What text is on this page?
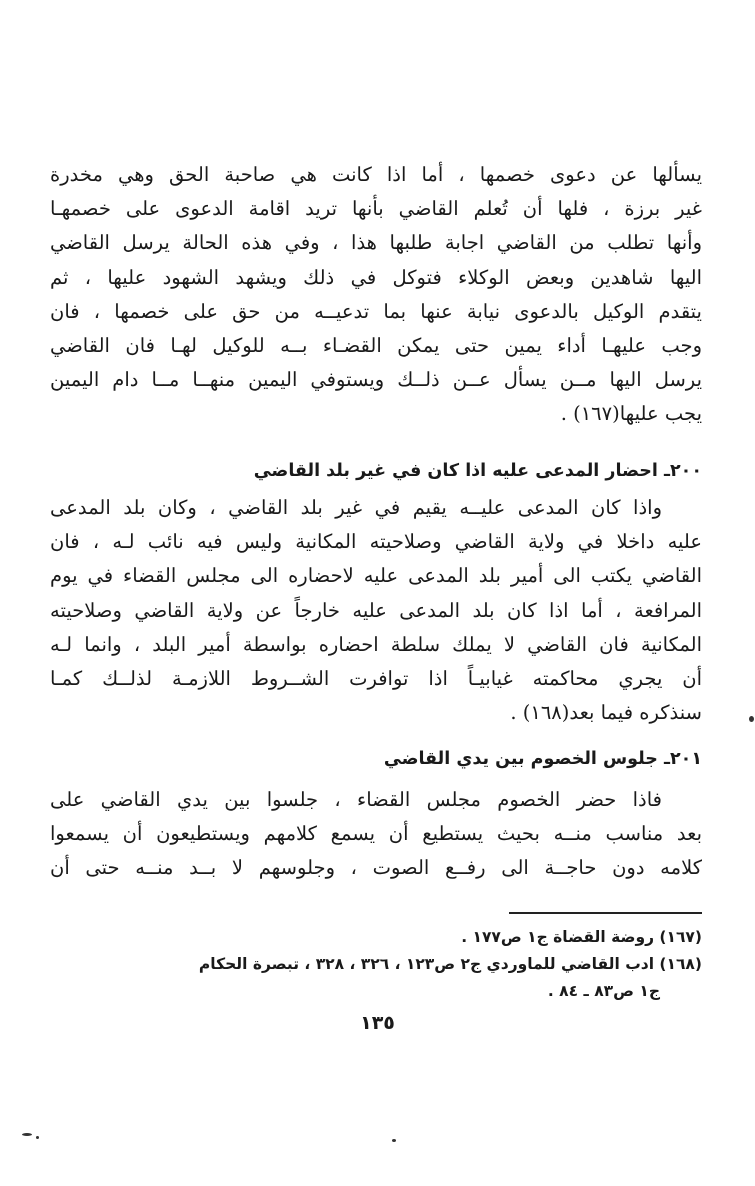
يسألها عن دعوى خصمها ، أما اذا كانت هي صاحبة الحق وهي مخدرة
غير برزة ، فلها أن تُعلم القاضي بأنها تريد اقامة الدعوى على خصمهـا
وأنها تطلب من القاضي اجابة طلبها هذا ، وفي هذه الحالة يرسل القاضي
اليها شاهدين وبعض الوكلاء فتوكل في ذلك ويشهد الشهود عليها ، ثم
يتقدم الوكيل بالدعوى نيابة عنها بما تدعيــه من حق على خصمها ، فان
وجب عليهـا أداء يمين حتى يمكن القضـاء بــه للوكيل لهـا فان القاضي
يرسل اليها مــن يسأل عــن ذلــك ويستوفي اليمين منهــا مــا دام اليمين
يجب عليها(١٦٧) .

٢٠٠ـ احضار المدعى عليه اذا كان في غير بلد القاضي

واذا كان المدعى عليــه يقيم في غير بلد القاضي ، وكان بلد المدعى
عليه داخلا في ولاية القاضي وصلاحيته المكانية وليس فيه نائب لـه ، فان
القاضي يكتب الى أمير بلد المدعى عليه لاحضاره الى مجلس القضاء في يوم
المرافعة ، أما اذا كان بلد المدعى عليه خارجاً عن ولاية القاضي وصلاحيته
المكانية فان القاضي لا يملك سلطة احضاره بواسطة أمير البلد ، وانما لـه
أن يجري محاكمته غيابيـاً اذا توافرت الشــروط اللازمـة لذلــك كمـا
سنذكره فيما بعد(١٦٨) .

٢٠١ـ جلوس الخصوم بين يدي القاضي

فاذا حضر الخصوم مجلس القضاء ، جلسوا بين يدي القاضي على
بعد مناسب منــه بحيث يستطيع أن يسمع كلامهم ويستطيعون أن يسمعوا
كلامه دون حاجــة الى رفــع الصوت ، وجلوسهم لا بــد منــه حتى أن

(١٦٧) روضة القضاة ج١ ص١٧٧ .
(١٦٨) ادب القاضي للماوردي ج٢ ص١٢٣ ، ٣٢٦ ، ٣٢٨ ، تبصرة الحكام
ج١ ص٨٣ ـ ٨٤ .
١٣٥
